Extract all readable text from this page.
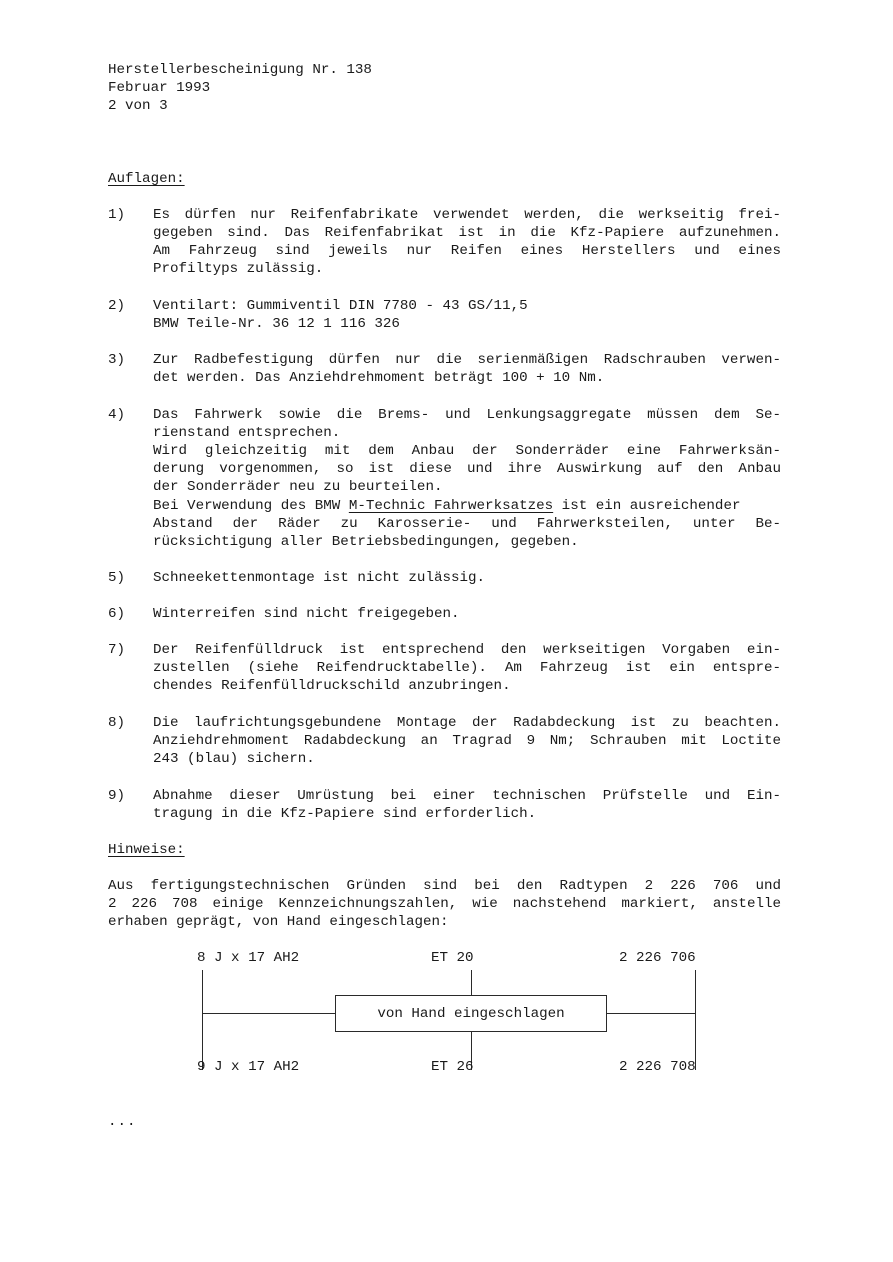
Herstellerbescheinigung Nr. 138
Februar 1993
2 von 3
Auflagen:
1) Es dürfen nur Reifenfabrikate verwendet werden, die werkseitig frei-
gegeben sind. Das Reifenfabrikat ist in die Kfz-Papiere aufzunehmen.
Am Fahrzeug sind jeweils nur Reifen eines Herstellers und eines
Profiltyps zulässig.
2) Ventilart: Gummiventil DIN 7780 - 43 GS/11,5
BMW Teile-Nr. 36 12 1 116 326
3) Zur Radbefestigung dürfen nur die serienmäßigen Radschrauben verwen-
det werden. Das Anziehdrehmoment beträgt 100 + 10 Nm.
4) Das Fahrwerk sowie die Brems- und Lenkungsaggregate müssen dem Se-
rienstand entsprechen.
Wird gleichzeitig mit dem Anbau der Sonderräder eine Fahrwerksän-
derung vorgenommen, so ist diese und ihre Auswirkung auf den Anbau
der Sonderräder neu zu beurteilen.
Bei Verwendung des BMW M-Technic Fahrwerksatzes ist ein ausreichender
Abstand der Räder zu Karosserie- und Fahrwerksteilen, unter Be-
rücksichtigung aller Betriebsbedingungen, gegeben.
5) Schneekettenmontage ist nicht zulässig.
6) Winterreifen sind nicht freigegeben.
7) Der Reifenfülldruck ist entsprechend den werkseitigen Vorgaben ein-
zustellen (siehe Reifendrucktabelle). Am Fahrzeug ist ein entspre-
chendes Reifenfülldruckschild anzubringen.
8) Die laufrichtungsgebundene Montage der Radabdeckung ist zu beachten.
Anziehdrehmoment Radabdeckung an Tragrad 9 Nm; Schrauben mit Loctite
243 (blau) sichern.
9) Abnahme dieser Umrüstung bei einer technischen Prüfstelle und Ein-
tragung in die Kfz-Papiere sind erforderlich.
Hinweise:
Aus fertigungstechnischen Gründen sind bei den Radtypen 2 226 706 und
2 226 708 einige Kennzeichnungszahlen, wie nachstehend markiert, anstelle
erhaben geprägt, von Hand eingeschlagen:
8 J x 17 AH2	ET 20	2 226 706
von Hand eingeschlagen
9 J x 17 AH2	ET 26	2 226 708
...
